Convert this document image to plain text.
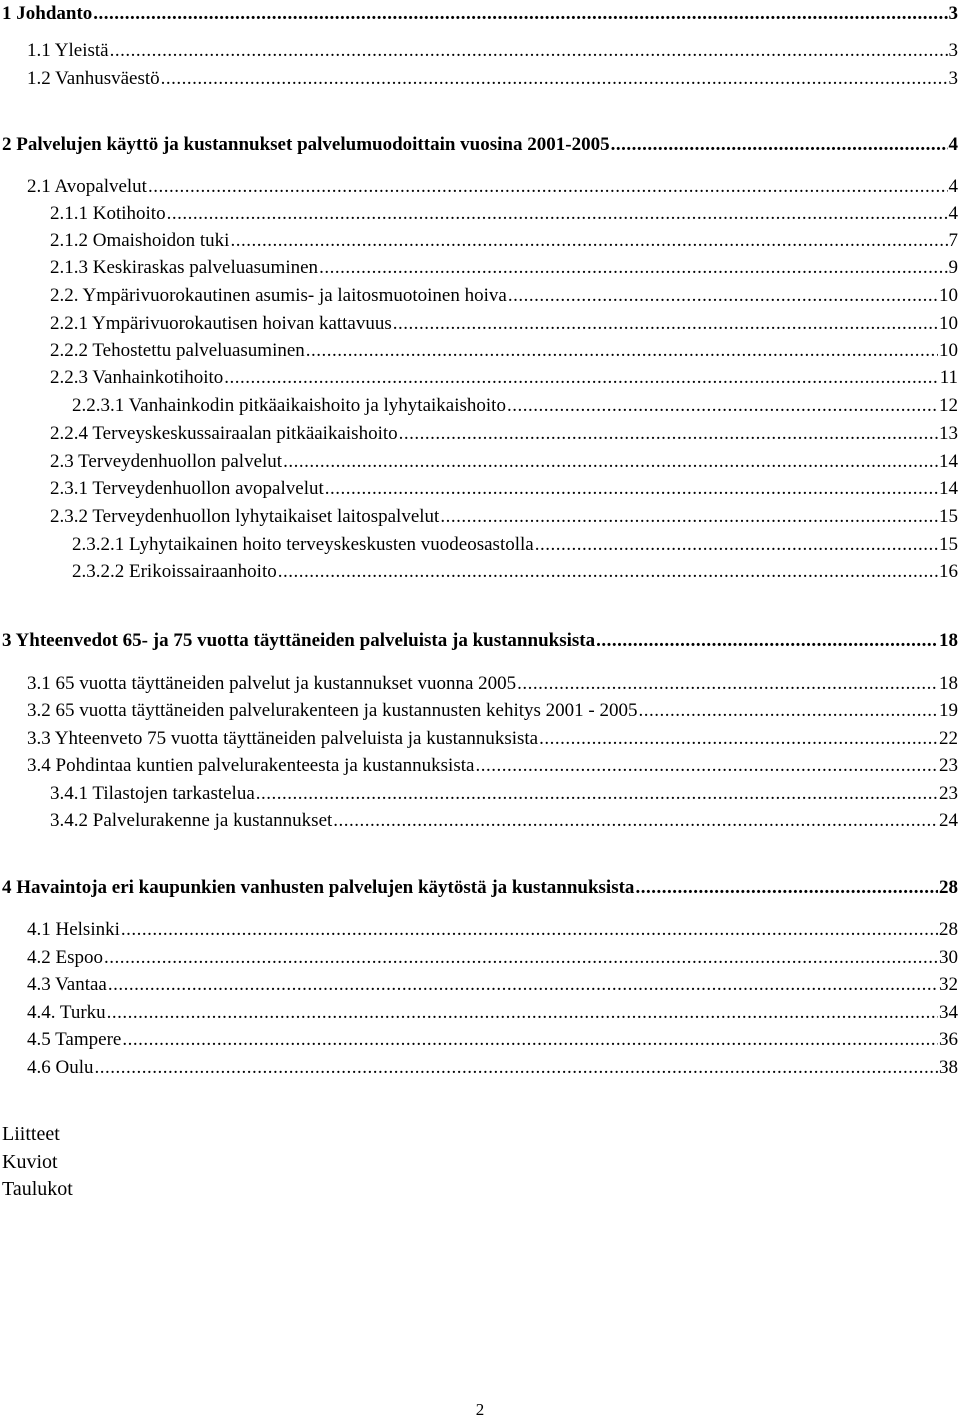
1 Johdanto .....	3
1.1 Yleistä .....	3
1.2 Vanhusväestö .....	3
2 Palvelujen käyttö ja kustannukset palvelumuodoittain vuosina 2001-2005 .....	4
2.1 Avopalvelut .....	4
2.1.1 Kotihoito .....	4
2.1.2 Omaishoidon tuki .....	7
2.1.3 Keskiraskas palveluasuminen .....	9
2.2. Ympärivuorokautinen asumis- ja laitosmuotoinen hoiva .....	10
2.2.1 Ympärivuorokautisen hoivan kattavuus .....	10
2.2.2 Tehostettu palveluasuminen .....	10
2.2.3 Vanhainkotihoito .....	11
2.2.3.1 Vanhainkodin pitkäaikaishoito ja lyhytaikaishoito .....	12
2.2.4 Terveyskeskussairaalan pitkäaikaishoito .....	13
2.3 Terveydenhuollon palvelut .....	14
2.3.1 Terveydenhuollon avopalvelut .....	14
2.3.2 Terveydenhuollon lyhytaikaiset laitospalvelut .....	15
2.3.2.1 Lyhytaikainen hoito terveyskeskusten vuodeosastolla .....	15
2.3.2.2 Erikoissairaanhoito .....	16
3 Yhteenvedot 65- ja 75 vuotta täyttäneiden palveluista ja kustannuksista .....	18
3.1 65 vuotta täyttäneiden palvelut ja kustannukset vuonna 2005 .....	18
3.2 65 vuotta täyttäneiden palvelurakenteen ja kustannusten kehitys 2001 - 2005 .....	19
3.3 Yhteenveto 75 vuotta täyttäneiden palveluista ja kustannuksista .....	22
3.4 Pohdintaa kuntien palvelurakenteesta ja kustannuksista .....	23
3.4.1 Tilastojen tarkastelua .....	23
3.4.2 Palvelurakenne ja kustannukset .....	24
4 Havaintoja eri kaupunkien vanhusten palvelujen käytöstä ja kustannuksista .....	28
4.1 Helsinki .....	28
4.2 Espoo .....	30
4.3 Vantaa .....	32
4.4. Turku .....	34
4.5 Tampere .....	36
4.6 Oulu .....	38
Liitteet
Kuviot
Taulukot
2
